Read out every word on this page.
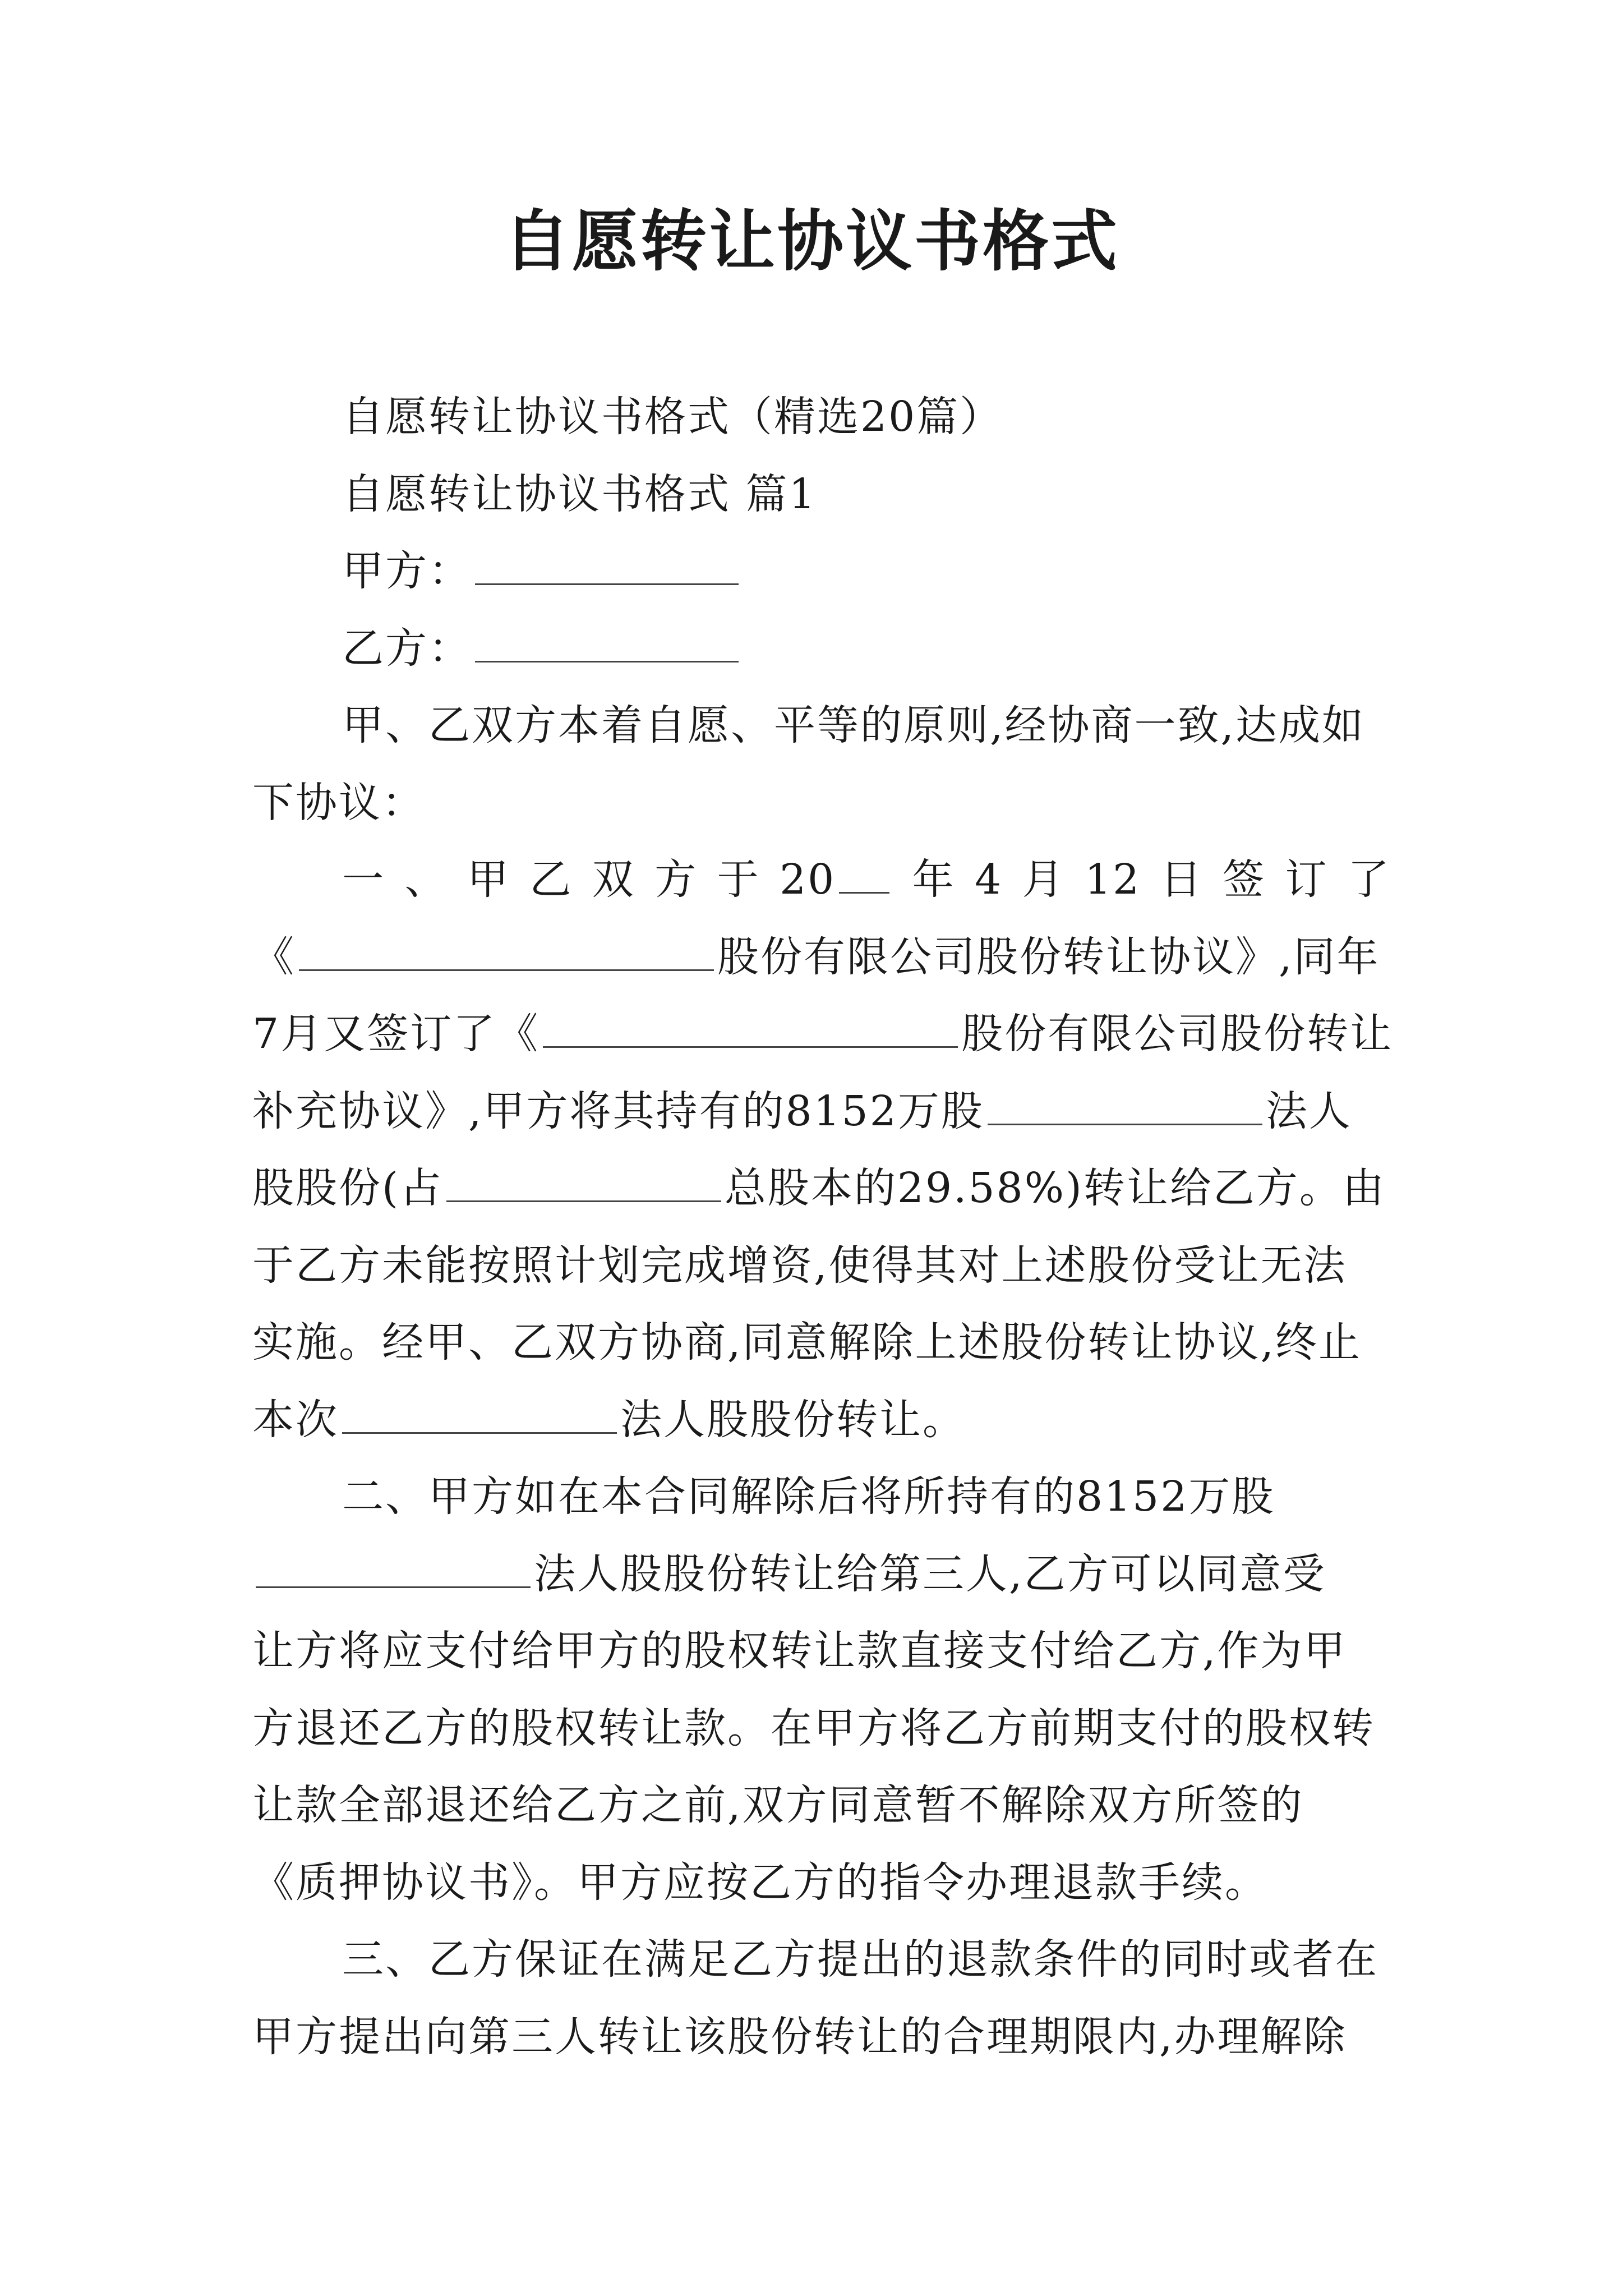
自愿转让协议书格式

自愿转让协议书格式（精选20篇）

自愿转让协议书格式 篇1

甲方：

乙方：

甲、乙双方本着自愿、平等的原则,经协商一致,达成如

下协议：

一、甲乙双方于20 年4月12日签订了

《	股份有限公司股份转让协议》,同年

7月又签订了《	股份有限公司股份转让

补充协议》,甲方将其持有的8152万股	法人

股股份(占	总股本的29.58%)转让给乙方。由

于乙方未能按照计划完成增资,使得其对上述股份受让无法

实施。经甲、乙双方协商,同意解除上述股份转让协议,终止

本次	法人股股份转让。

二、甲方如在本合同解除后将所持有的8152万股

法人股股份转让给第三人,乙方可以同意受

让方将应支付给甲方的股权转让款直接支付给乙方,作为甲

方退还乙方的股权转让款。在甲方将乙方前期支付的股权转

让款全部退还给乙方之前,双方同意暂不解除双方所签的

《质押协议书》。甲方应按乙方的指令办理退款手续。

三、乙方保证在满足乙方提出的退款条件的同时或者在

甲方提出向第三人转让该股份转让的合理期限内,办理解除
